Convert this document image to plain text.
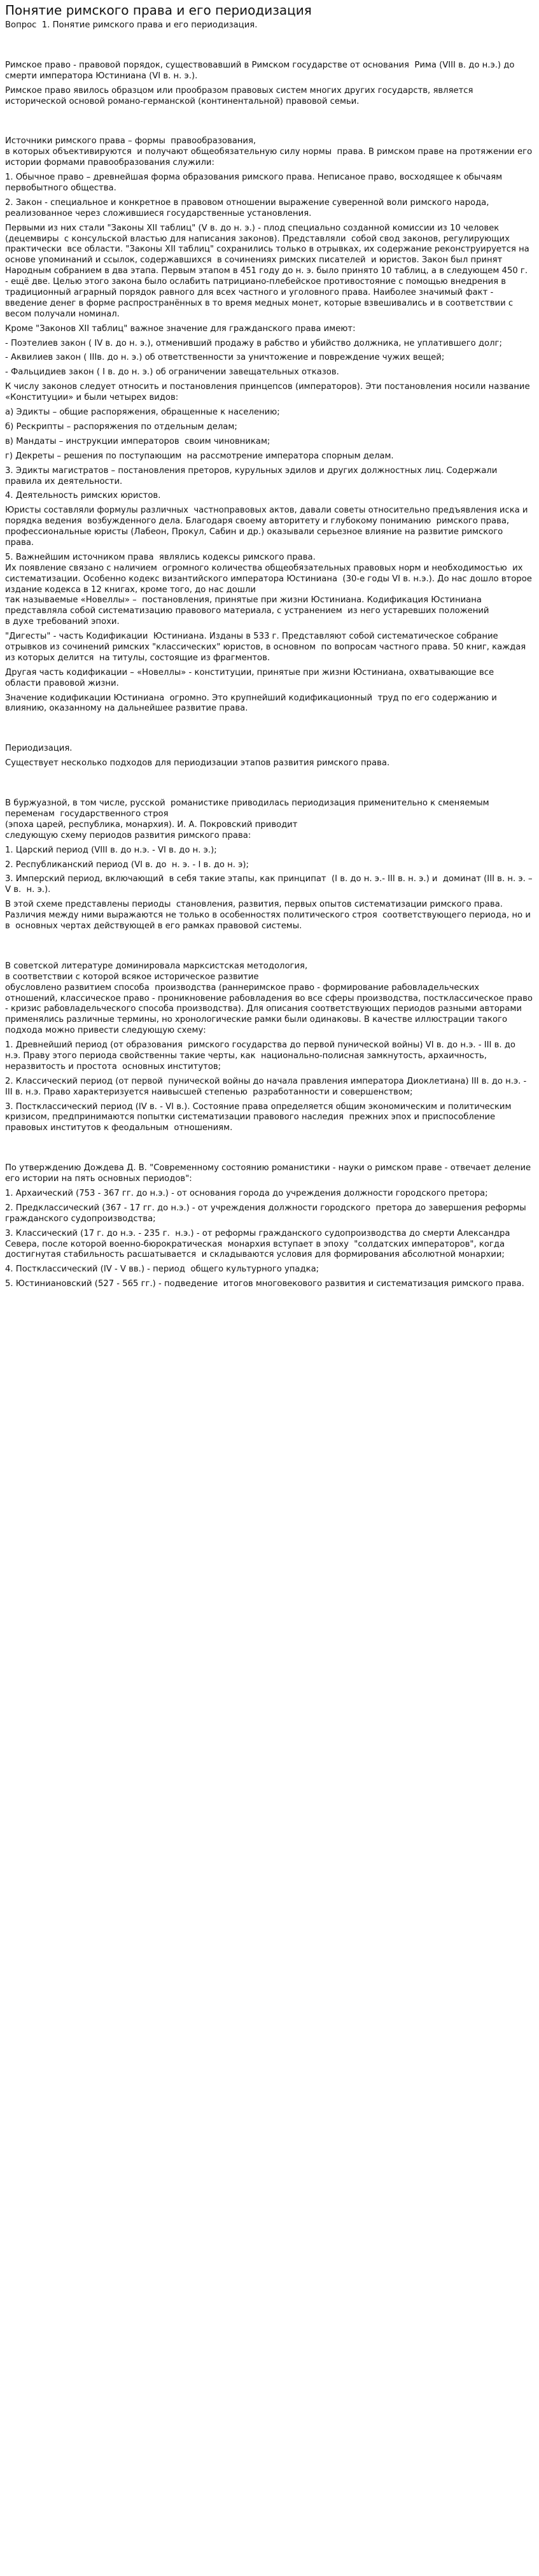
Понятие римского права и его периодизация

Вопрос  1. Понятие римского права и его периодизация.

Римское право - правовой порядок, существовавший в Римском государстве от основания  Рима (VIII в. до н.э.) до смерти императора Юстиниана (VI в. н. э.).

Римское право явилось образцом или прообразом правовых систем многих других государств, является исторической основой романо-германской (континентальной) правовой семьи.

Источники римского права – формы  правообразования,
в которых объективируются  и получают общеобязательную силу нормы  права. В римском праве на протяжении его истории формами правообразования служили:

1. Обычное право – древнейшая форма образования римского права. Неписаное право, восходящее к обычаям первобытного общества.

2. Закон - специальное и конкретное в правовом отношении выражение суверенной воли римского народа, реализованное через сложившиеся государственные установления.

Первыми из них стали "Законы XII таблиц" (V в. до н. э.) - плод специально созданной комиссии из 10 человек (децемвиры  с консульской властью для написания законов). Представляли  собой свод законов, регулирующих практически  все области. "Законы XII таблиц" сохранились только в отрывках, их содержание реконструируется на основе упоминаний и ссылок, содержавшихся  в сочинениях римских писателей  и юристов. Закон был принят Народным собранием в два этапа. Первым этапом в 451 году до н. э. было принято 10 таблиц, а в следующем 450 г. - ещё две. Целью этого закона было ослабить патрициано-плебейское противостояние с помощью внедрения в традиционный аграрный порядок равного для всех частного и уголовного права. Наиболее значимый факт - введение денег в форме распространённых в то время медных монет, которые взвешивались и в соответствии с весом получали номинал.

Кроме "Законов XII таблиц" важное значение для гражданского права имеют:

- Поэтелиев закон ( IV в. до н. э.), отменивший продажу в рабство и убийство должника, не уплатившего долг;

- Аквилиев закон ( IIIв. до н. э.) об ответственности за уничтожение и повреждение чужих вещей;

- Фальцидиев закон ( I в. до н. э.) об ограничении завещательных отказов.

К числу законов следует относить и постановления принцепсов (императоров). Эти постановления носили название «Конституции» и были четырех видов:

а) Эдикты – общие распоряжения, обращенные к населению;

б) Рескрипты – распоряжения по отдельным делам;

в) Мандаты – инструкции императоров  своим чиновникам;

г) Декреты – решения по поступающим  на рассмотрение императора спорным делам.

3. Эдикты магистратов – постановления преторов, курульных эдилов и других должностных лиц. Содержали правила их деятельности.

4. Деятельность римских юристов.

Юристы составляли формулы различных  частноправовых актов, давали советы относительно предъявления иска и порядка ведения  возбужденного дела. Благодаря своему авторитету и глубокому пониманию  римского права, профессиональные юристы (Лабеон, Прокул, Сабин и др.) оказывали серьезное влияние на развитие римского права.

5. Важнейшим источником права  являлись кодексы римского права.
Их появление связано с наличием  огромного количества общеобязательных правовых норм и необходимостью  их систематизации. Особенно кодекс византийского императора Юстиниана  (30-е годы VI в. н.э.). До нас дошло второе издание кодекса в 12 книгах, кроме того, до нас дошли
так называемые «Новеллы» –  постановления, принятые при жизни Юстиниана. Кодификация Юстиниана  представляла собой систематизацию правового материала, с устранением  из него устаревших положений
в духе требований эпохи.

"Дигесты" - часть Кодификации  Юстиниана. Изданы в 533 г. Представляют собой систематическое собрание  отрывков из сочинений римских "классических" юристов, в основном  по вопросам частного права. 50 книг, каждая из которых делится  на титулы, состоящие из фрагментов.

Другая часть кодификации – «Новеллы» - конституции, принятые при жизни Юстиниана, охватывающие все  области правовой жизни.

Значение кодификации Юстиниана  огромно. Это крупнейший кодификационный  труд по его содержанию и влиянию, оказанному на дальнейшее развитие права.

Периодизация.

Существует несколько подходов для периодизации этапов развития римского права.

В буржуазной, в том числе, русской  романистике приводилась периодизация применительно к сменяемым переменам  государственного строя
(эпоха царей, республика, монархия). И. А. Покровский приводит
следующую схему периодов развития римского права:

1. Царский период (VIII в. до н.э. - VI в. до н. э.);

2. Республиканский период (VI в. до  н. э. - I в. до н. э);

3. Имперский период, включающий  в себя такие этапы, как принципат  (I в. до н. э.- III в. н. э.) и  доминат (III в. н. э. – V в.  н. э.).

В этой схеме представлены периоды  становления, развития, первых опытов систематизации римского права. Различия между ними выражаются не только в особенностях политического строя  соответствующего периода, но и в  основных чертах действующей в его рамках правовой системы.

В советской литературе доминировала марксистская методология,
в соответствии с которой всякое историческое развитие
обусловлено развитием способа  производства (раннеримское право - формирование рабовладельческих отношений, классическое право - проникновение рабовладения во все сферы производства, постклассическое право - кризис рабовладельческого способа производства). Для описания соответствующих периодов разными авторами применялись различные термины, но хронологические рамки были одинаковы. В качестве иллюстрации такого подхода можно привести следующую схему:

1. Древнейший период (от образования  римского государства до первой пунической войны) VI в. до н.э. - III в. до н.э. Праву этого периода свойственны такие черты, как  национально-полисная замкнутость, архаичность, неразвитость и простота  основных институтов;

2. Классический период (от первой  пунической войны до начала правления императора Диоклетиана) III в. до н.э. - III в. н.э. Право характеризуется наивысшей степенью  разработанности и совершенством;

3. Постклассический период (IV в. - VI в.). Состояние права определяется общим экономическим и политическим  кризисом, предпринимаются попытки систематизации правового наследия  прежних эпох и приспособление правовых институтов к феодальным  отношениям.

По утверждению Дождева Д. В. "Современному состоянию романистики - науки о римском праве - отвечает деление его истории на пять основных периодов":

1. Архаический (753 - 367 гг. до н.э.) - от основания города до учреждения должности городского претора;

2. Предклассический (367 - 17 гг. до н.э.) - от учреждения должности городского  претора до завершения реформы  гражданского судопроизводства;

3. Классический (17 г. до н.э. - 235 г.  н.э.) - от реформы гражданского судопроизводства до смерти Александра  Севера, после которой военно-бюрократическая  монархия вступает в эпоху  "солдатских императоров", когда достигнутая стабильность расшатывается  и складываются условия для формирования абсолютной монархии;

4. Постклассический (IV - V вв.) - период  общего культурного упадка;

5. Юстиниановский (527 - 565 гг.) - подведение  итогов многовекового развития и систематизация римского права.
